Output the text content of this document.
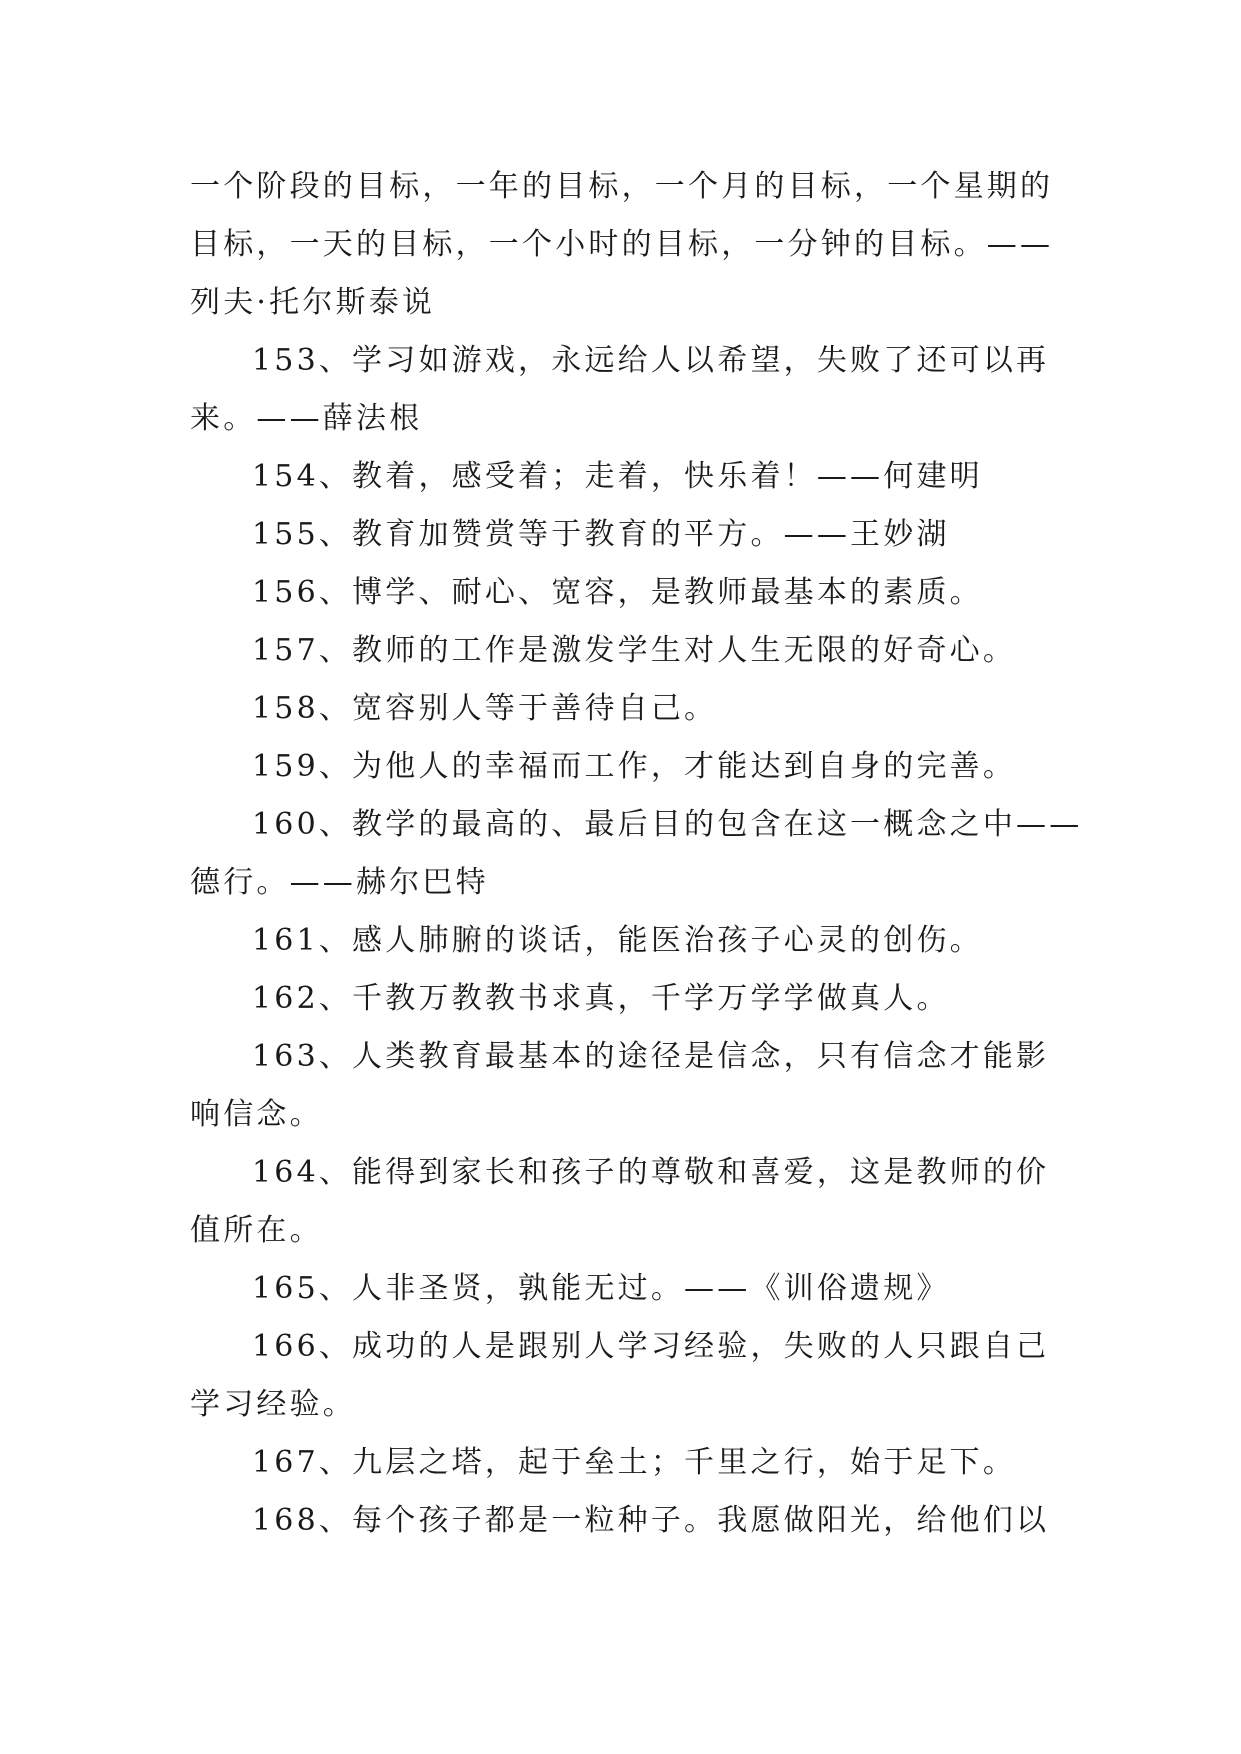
一个阶段的目标，一年的目标，一个月的目标，一个星期的

目标，一天的目标，一个小时的目标，一分钟的目标。——

列夫·托尔斯泰说

153、学习如游戏，永远给人以希望，失败了还可以再

来。——薛法根

154、教着，感受着；走着，快乐着！——何建明

155、教育加赞赏等于教育的平方。——王妙湖

156、博学、耐心、宽容，是教师最基本的素质。

157、教师的工作是激发学生对人生无限的好奇心。

158、宽容别人等于善待自己。

159、为他人的幸福而工作，才能达到自身的完善。

160、教学的最高的、最后目的包含在这一概念之中——

德行。——赫尔巴特

161、感人肺腑的谈话，能医治孩子心灵的创伤。

162、千教万教教书求真，千学万学学做真人。

163、人类教育最基本的途径是信念，只有信念才能影

响信念。

164、能得到家长和孩子的尊敬和喜爱，这是教师的价

值所在。

165、人非圣贤，孰能无过。——《训俗遗规》

166、成功的人是跟别人学习经验，失败的人只跟自己

学习经验。

167、九层之塔，起于垒土；千里之行，始于足下。

168、每个孩子都是一粒种子。我愿做阳光，给他们以
